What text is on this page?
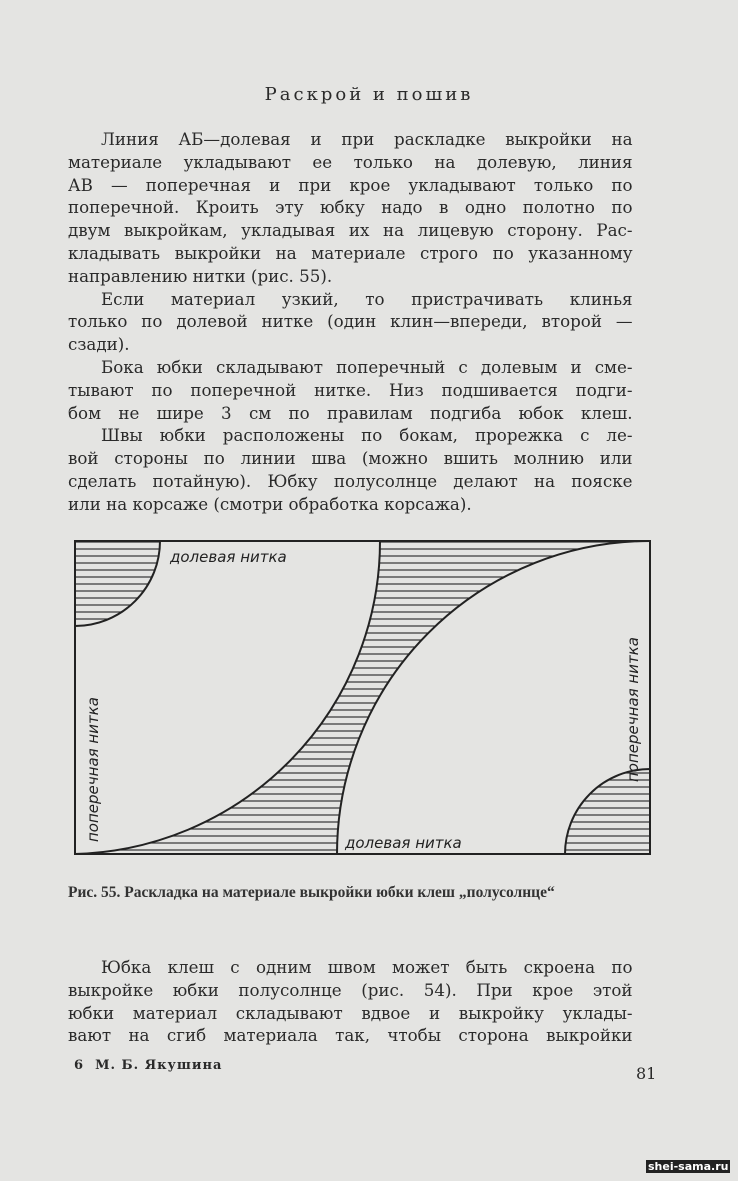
Раскрой и пошив
Линия АБ—долевая и при раскладке выкройки на
материале укладывают ее только на долевую, линия
АВ — поперечная и при крое укладывают только по
поперечной. Кроить эту юбку надо в одно полотно по
двум выкройкам, укладывая их на лицевую сторону. Рас-
кладывать выкройки на материале строго по указанному
направлению нитки (рис. 55).
Если материал узкий, то пристрачивать клинья
только по долевой нитке (один клин—впереди, второй —
сзади).
Бока юбки складывают поперечный с долевым и сме-
тывают по поперечной нитке. Низ подшивается подги-
бом не шире 3 см по правилам подгиба юбок клеш.
Швы юбки расположены по бокам, прорежка с ле-
вой стороны по линии шва (можно вшить молнию или
сделать потайную). Юбку полусолнце делают на пояске
или на корсаже (смотри обработка корсажа).
долевая нитка
долевая нитка
поперечная нитка	поперечная нитка
Рис. 55. Раскладка на материале выкройки юбки клеш „полусолнце“
Юбка клеш с одним швом может быть скроена по
выкройке юбки полусолнце (рис. 54). При крое этой
юбки материал складывают вдвое и выкройку уклады-
вают на сгиб материала так, чтобы сторона выкройки
6  М. Б. Якушина	81
shei-sama.ru
